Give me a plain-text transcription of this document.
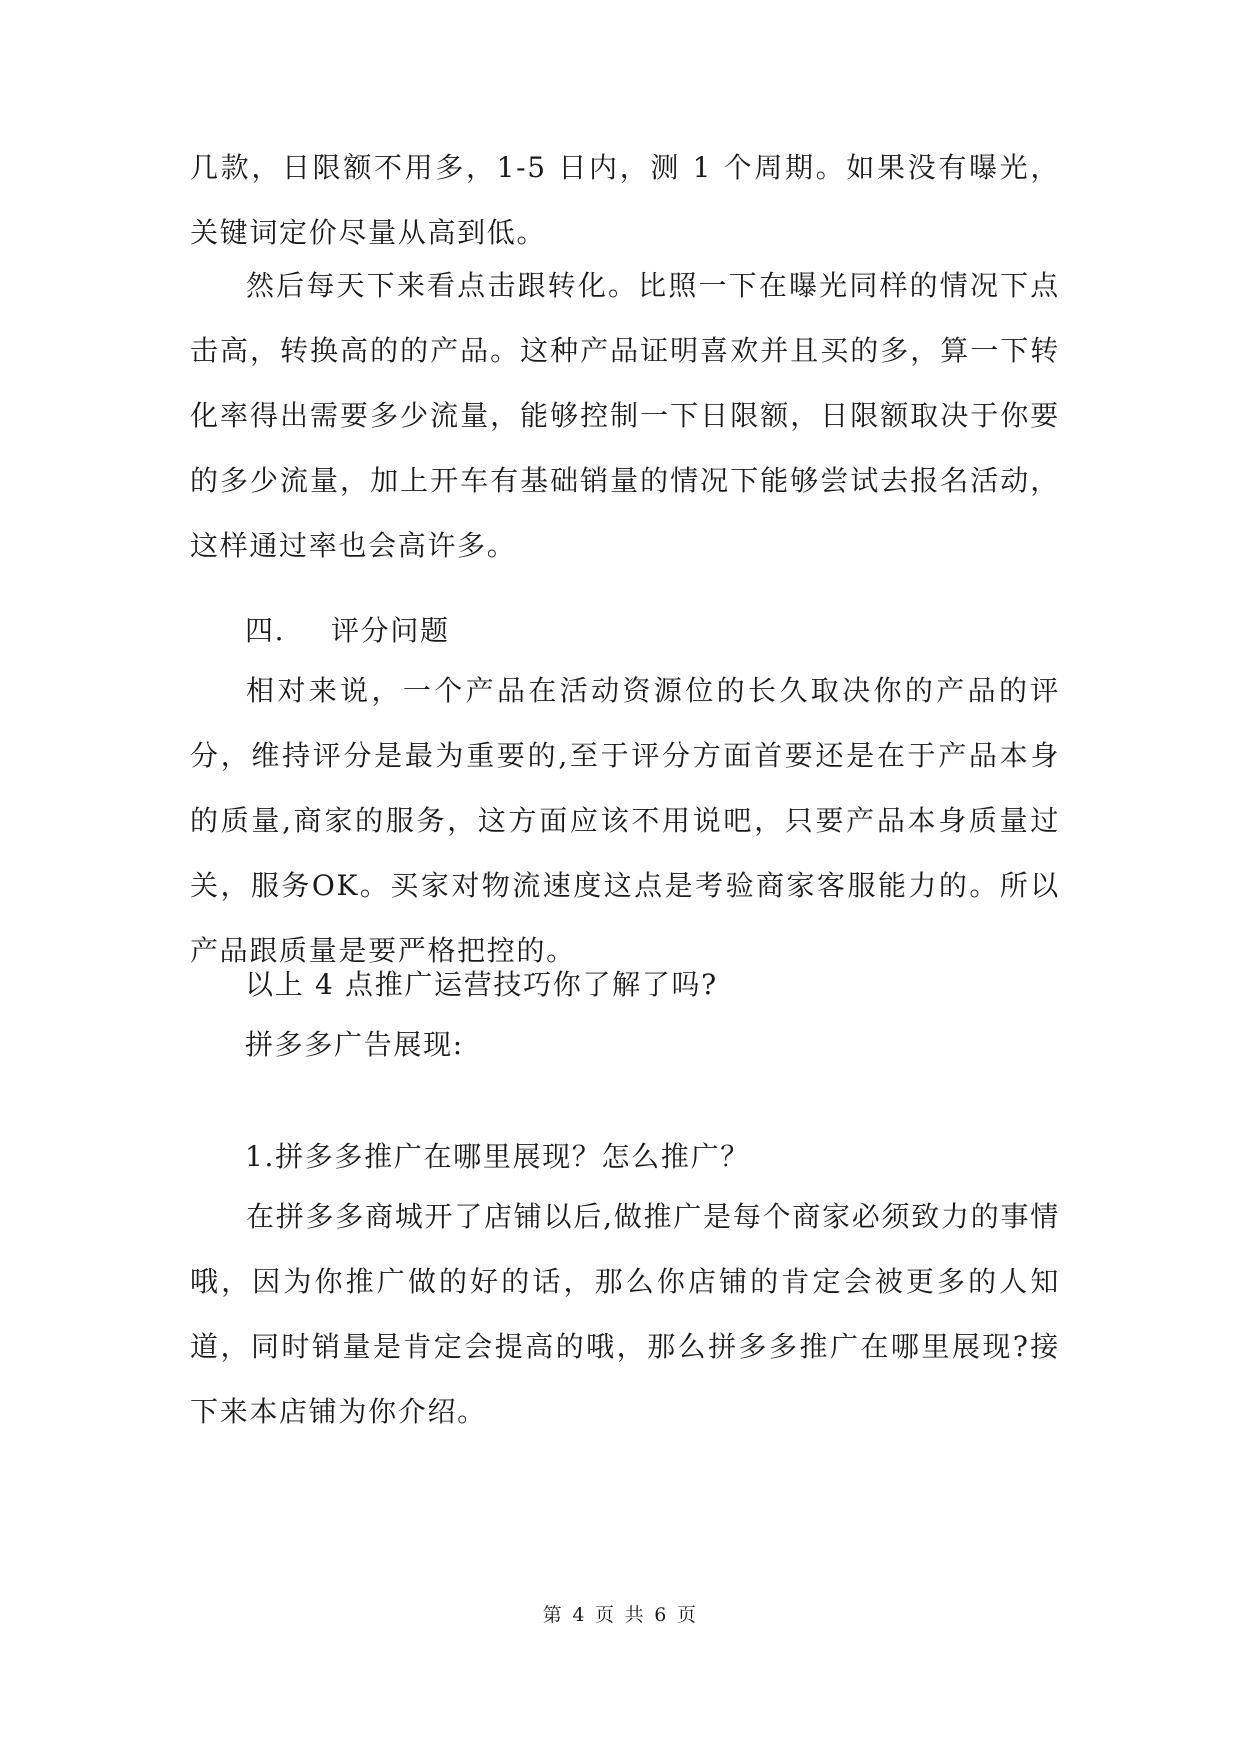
几款，日限额不用多，1-5 日内，测 1 个周期。如果没有曝光，关键词定价尽量从高到低。

然后每天下来看点击跟转化。比照一下在曝光同样的情况下点击高，转换高的的产品。这种产品证明喜欢并且买的多，算一下转化率得出需要多少流量，能够控制一下日限额，日限额取决于你要的多少流量，加上开车有基础销量的情况下能够尝试去报名活动，这样通过率也会高许多。

四. 评分问题

相对来说，一个产品在活动资源位的长久取决你的产品的评分，维持评分是最为重要的,至于评分方面首要还是在于产品本身的质量,商家的服务，这方面应该不用说吧，只要产品本身质量过关，服务OK。买家对物流速度这点是考验商家客服能力的。所以产品跟质量是要严格把控的。

以上 4 点推广运营技巧你了解了吗?
拼多多广告展现:
1.拼多多推广在哪里展现？怎么推广？

在拼多多商城开了店铺以后,做推广是每个商家必须致力的事情哦，因为你推广做的好的话，那么你店铺的肯定会被更多的人知道，同时销量是肯定会提高的哦，那么拼多多推广在哪里展现?接下来本店铺为你介绍。

第 4 页 共 6 页
